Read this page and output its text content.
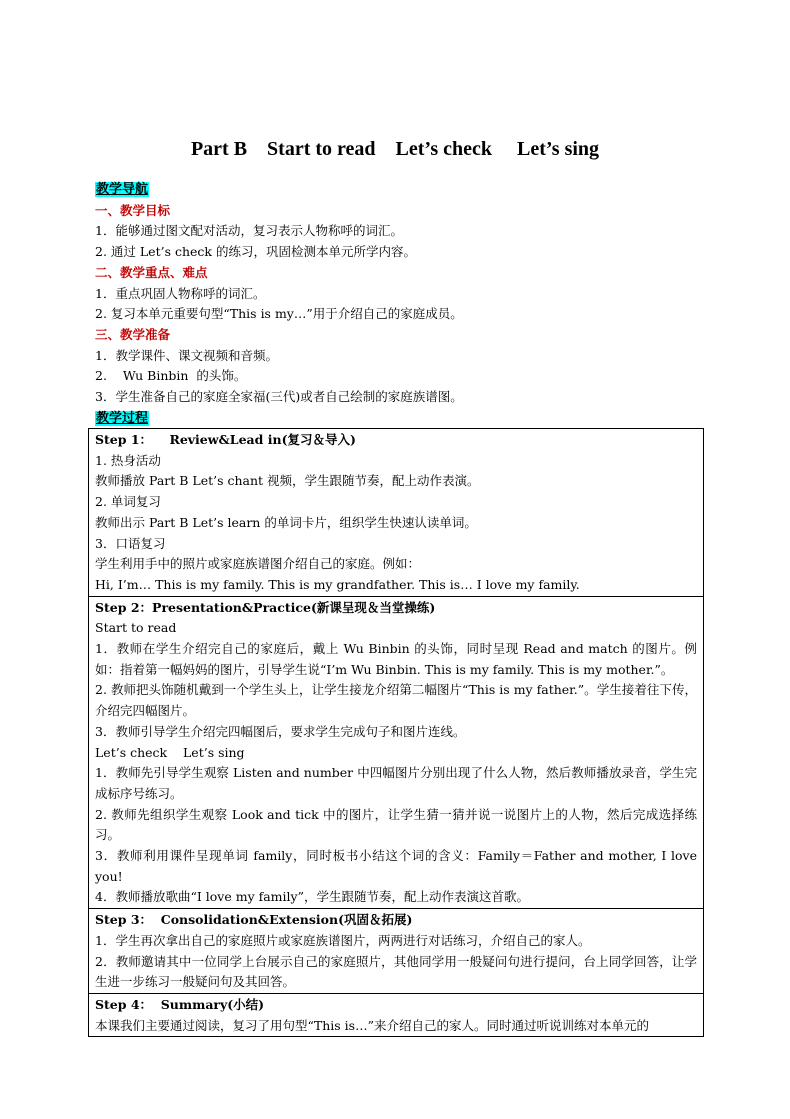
Part B    Start to read    Let’s check     Let’s sing
教学导航
一、教学目标
1．能够通过图文配对活动，复习表示人物称呼的词汇。
2. 通过 Let’s check 的练习，巩固检测本单元所学内容。
二、教学重点、难点
1．重点巩固人物称呼的词汇。
2. 复习本单元重要句型“This is my…”用于介绍自己的家庭成员。
三、教学准备
1．教学课件、课文视频和音频。
2.    Wu Binbin  的头饰。
3．学生准备自己的家庭全家福(三代)或者自己绘制的家庭族谱图。
教学过程
Step 1：    Review&Lead in(复习＆导入)
1. 热身活动
教师播放 Part B Let’s chant 视频，学生跟随节奏，配上动作表演。
2. 单词复习
教师出示 Part B Let’s learn 的单词卡片，组织学生快速认读单词。
3．口语复习
学生利用手中的照片或家庭族谱图介绍自己的家庭。例如：
Hi, I’m… This is my family. This is my grandfather. This is… I love my family.

Step 2：Presentation&Practice(新课呈现＆当堂操练)
Start to read
1．教师在学生介绍完自己的家庭后，戴上 Wu Binbin 的头饰，同时呈现 Read and match 的图片。例如：指着第一幅妈妈的图片，引导学生说“I’m Wu Binbin. This is my family. This is my mother.”。
2. 教师把头饰随机戴到一个学生头上，让学生接龙介绍第二幅图片“This is my father.”。学生接着往下传，介绍完四幅图片。
3．教师引导学生介绍完四幅图后，要求学生完成句子和图片连线。
Let’s check    Let’s sing
1．教师先引导学生观察 Listen and number 中四幅图片分别出现了什么人物，然后教师播放录音，学生完成标序号练习。
2. 教师先组织学生观察 Look and tick 中的图片，让学生猜一猜并说一说图片上的人物，然后完成选择练习。
3．教师利用课件呈现单词 family，同时板书小结这个词的含义：Family＝Father and mother, I love you!
4．教师播放歌曲“I love my family”，学生跟随节奏，配上动作表演这首歌。

Step 3：  Consolidation&Extension(巩固＆拓展)
1．学生再次拿出自己的家庭照片或家庭族谱图片，两两进行对话练习，介绍自己的家人。
2．教师邀请其中一位同学上台展示自己的家庭照片，其他同学用一般疑问句进行提问，台上同学回答，让学生进一步练习一般疑问句及其回答。

Step 4：  Summary(小结)
本课我们主要通过阅读，复习了用句型“This is…”来介绍自己的家人。同时通过听说训练对本单元的
